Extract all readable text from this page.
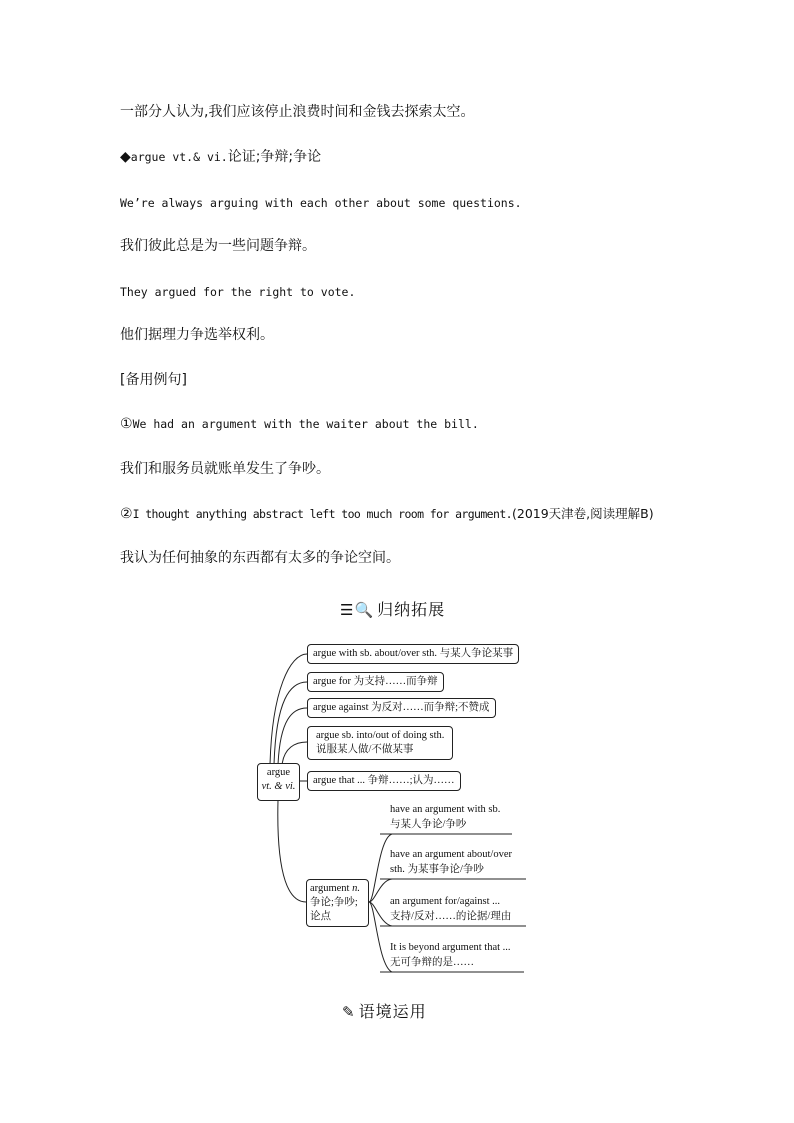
一部分人认为,我们应该停止浪费时间和金钱去探索太空。
◆argue vt.& vi.论证;争辩;争论
We’re always arguing with each other about some questions.
我们彼此总是为一些问题争辩。
They argued for the right to vote.
他们据理力争选举权利。
[备用例句]
①We had an argument with the waiter about the bill.
我们和服务员就账单发生了争吵。
②I thought anything abstract left too much room for argument.(2019天津卷,阅读理解B)
我认为任何抽象的东西都有太多的争论空间。
☰🔍 归纳拓展
argue
vt. & vi.
argue with sb. about/over sth. 与某人争论某事
argue for 为支持……而争辩
argue against 为反对……而争辩;不赞成
argue sb. into/out of doing sth.
说服某人做/不做某事
argue that ... 争辩……;认为……
argument n.
争论;争吵;
论点
have an argument with sb.
与某人争论/争吵
have an argument about/over
sth. 为某事争论/争吵
an argument for/against ...
支持/反对……的论据/理由
It is beyond argument that ...
无可争辩的是……
✎ 语境运用
